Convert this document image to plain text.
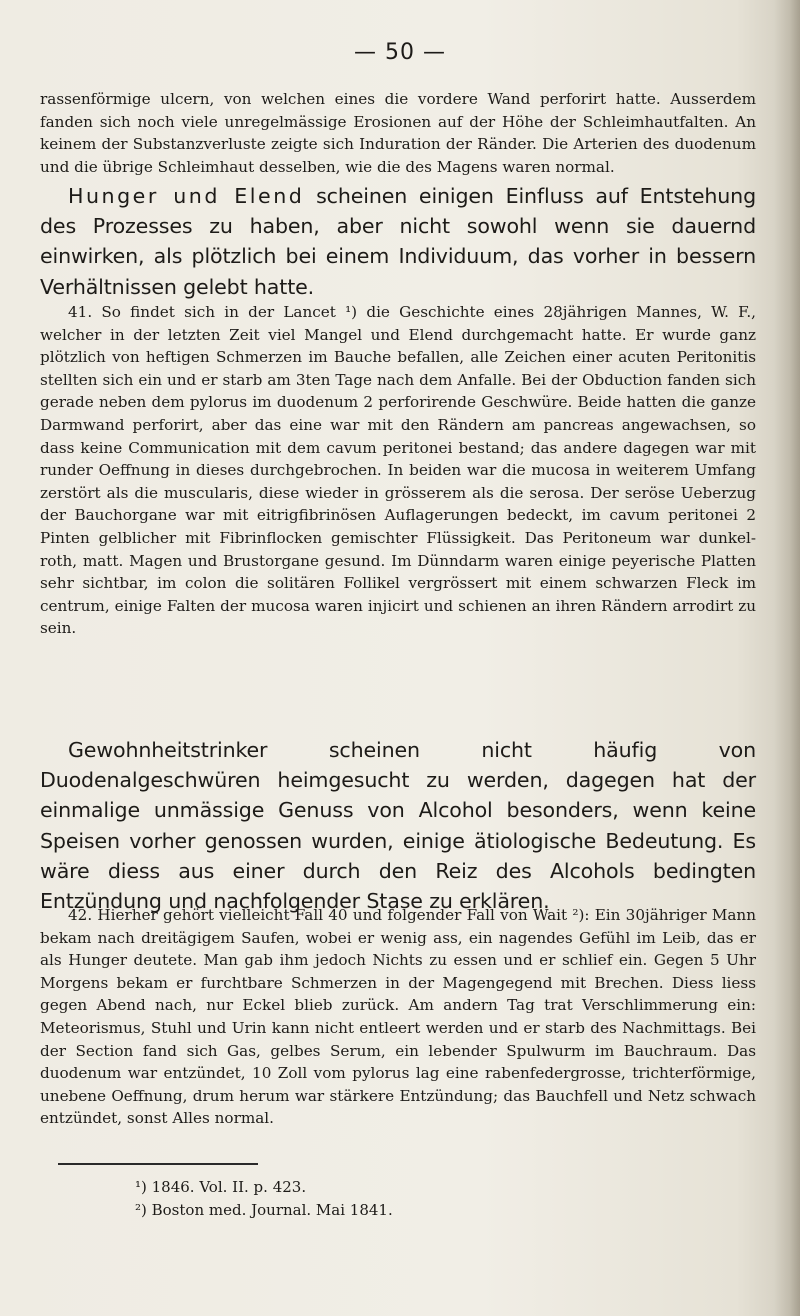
— 50 —

rassenförmige ulcern, von welchen eines die vordere Wand perforirt hatte. Ausserdem fanden sich noch viele unregelmässige Erosionen auf der Höhe der Schleimhautfalten. An keinem der Substanzverluste zeigte sich Induration der Ränder. Die Arterien des duodenum und die übrige Schleimhaut desselben, wie die des Magens waren normal.

Hunger und Elend scheinen einigen Einfluss auf Entstehung des Prozesses zu haben, aber nicht sowohl wenn sie dauernd einwirken, als plötzlich bei einem Individuum, das vorher in bessern Verhältnissen gelebt hatte.

41. So findet sich in der Lancet ¹) die Geschichte eines 28jährigen Mannes, W. F., welcher in der letzten Zeit viel Mangel und Elend durchgemacht hatte. Er wurde ganz plötzlich von heftigen Schmerzen im Bauche befallen, alle Zeichen einer acuten Peritonitis stellten sich ein und er starb am 3ten Tage nach dem Anfalle. Bei der Obduction fanden sich gerade neben dem pylorus im duodenum 2 perforirende Geschwüre. Beide hatten die ganze Darmwand perforirt, aber das eine war mit den Rändern am pancreas angewachsen, so dass keine Communication mit dem cavum peritonei bestand; das andere dagegen war mit runder Oeffnung in dieses durchgebrochen. In beiden war die mucosa in weiterem Umfang zerstört als die muscularis, diese wieder in grösserem als die serosa. Der seröse Ueberzug der Bauchorgane war mit eitrigfibrinösen Auflagerungen bedeckt, im cavum peritonei 2 Pinten gelblicher mit Fibrinflocken gemischter Flüssigkeit. Das Peritoneum war dunkel-roth, matt. Magen und Brustorgane gesund. Im Dünndarm waren einige peyerische Platten sehr sichtbar, im colon die solitären Follikel vergrössert mit einem schwarzen Fleck im centrum, einige Falten der mucosa waren injicirt und schienen an ihren Rändern arrodirt zu sein.

Gewohnheitstrinker scheinen nicht häufig von Duodenalgeschwüren heimgesucht zu werden, dagegen hat der einmalige unmässige Genuss von Alcohol besonders, wenn keine Speisen vorher genossen wurden, einige ätiologische Bedeutung. Es wäre diess aus einer durch den Reiz des Alcohols bedingten Entzündung und nachfolgender Stase zu erklären.

42. Hierher gehört vielleicht Fall 40 und folgender Fall von Wait ²): Ein 30jähriger Mann bekam nach dreitägigem Saufen, wobei er wenig ass, ein nagendes Gefühl im Leib, das er als Hunger deutete. Man gab ihm jedoch Nichts zu essen und er schlief ein. Gegen 5 Uhr Morgens bekam er furchtbare Schmerzen in der Magengegend mit Brechen. Diess liess gegen Abend nach, nur Eckel blieb zurück. Am andern Tag trat Verschlimmerung ein: Meteorismus, Stuhl und Urin kann nicht entleert werden und er starb des Nachmittags. Bei der Section fand sich Gas, gelbes Serum, ein lebender Spulwurm im Bauchraum. Das duodenum war entzündet, 10 Zoll vom pylorus lag eine rabenfedergrosse, trichterförmige, unebene Oeffnung, drum herum war stärkere Entzündung; das Bauchfell und Netz schwach entzündet, sonst Alles normal.

¹) 1846. Vol. II. p. 423.
²) Boston med. Journal. Mai 1841.
